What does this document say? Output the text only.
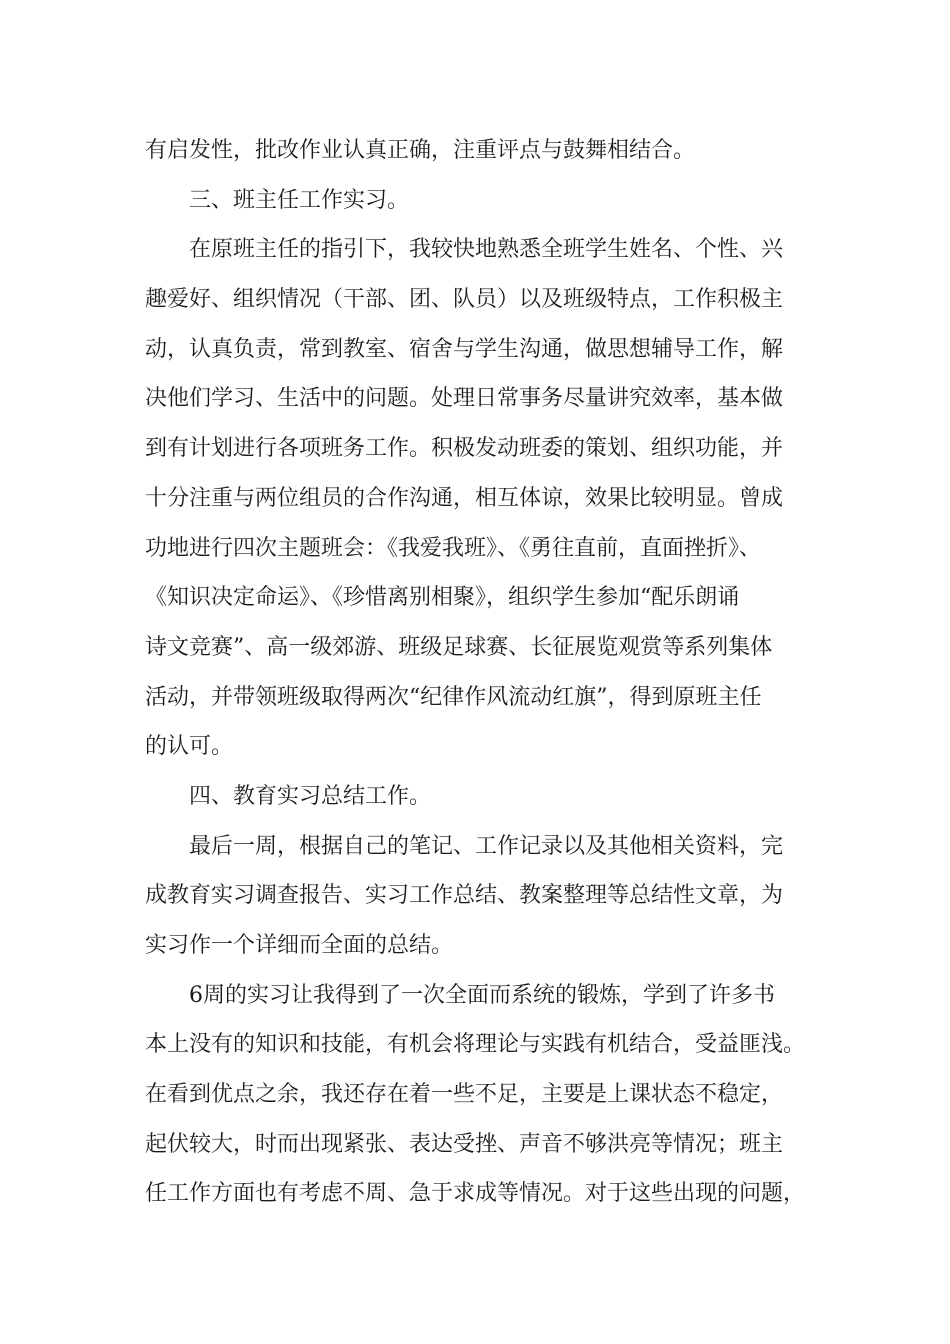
有启发性，批改作业认真正确，注重评点与鼓舞相结合。
三、班主任工作实习。
在原班主任的指引下，我较快地熟悉全班学生姓名、个性、兴
趣爱好、组织情况（干部、团、队员）以及班级特点，工作积极主
动，认真负责，常到教室、宿舍与学生沟通，做思想辅导工作，解
决他们学习、生活中的问题。处理日常事务尽量讲究效率，基本做
到有计划进行各项班务工作。积极发动班委的策划、组织功能，并
十分注重与两位组员的合作沟通，相互体谅，效果比较明显。曾成
功地进行四次主题班会：《我爱我班》、《勇往直前，直面挫折》、
《知识决定命运》、《珍惜离别相聚》，组织学生参加“配乐朗诵
诗文竞赛”、高一级郊游、班级足球赛、长征展览观赏等系列集体
活动，并带领班级取得两次“纪律作风流动红旗”，得到原班主任
的认可。
四、教育实习总结工作。
最后一周，根据自己的笔记、工作记录以及其他相关资料，完
成教育实习调查报告、实习工作总结、教案整理等总结性文章，为
实习作一个详细而全面的总结。
6周的实习让我得到了一次全面而系统的锻炼，学到了许多书
本上没有的知识和技能，有机会将理论与实践有机结合，受益匪浅。
在看到优点之余，我还存在着一些不足，主要是上课状态不稳定，
起伏较大，时而出现紧张、表达受挫、声音不够洪亮等情况；班主
任工作方面也有考虑不周、急于求成等情况。对于这些出现的问题，
